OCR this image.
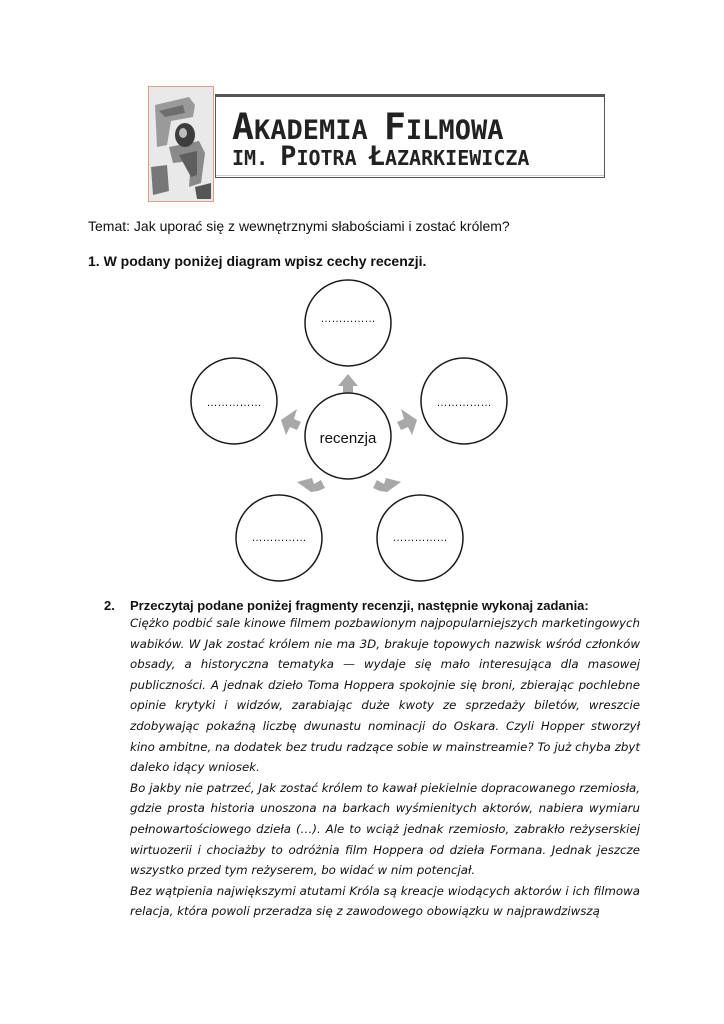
AKADEMIA FILMOWA
IM. PIOTRA ŁAZARKIEWICZA
Temat: Jak uporać się z wewnętrznymi słabościami i zostać królem?
1. W podany poniżej diagram wpisz cechy recenzji.
recenzja
……………
……………	……………
……………	……………
2.	Przeczytaj podane poniżej fragmenty recenzji, następnie wykonaj zadania:

Ciężko podbić sale kinowe filmem pozbawionym najpopularniejszych marketingowych wabików. W Jak zostać królem nie ma 3D, brakuje topowych nazwisk wśród członków obsady, a historyczna tematyka — wydaje się mało interesująca dla masowej publiczności. A jednak dzieło Toma Hoppera spokojnie się broni, zbierając pochlebne opinie krytyki i widzów, zarabiając duże kwoty ze sprzedaży biletów, wreszcie zdobywając pokaźną liczbę dwunastu nominacji do Oskara. Czyli Hopper stworzył kino ambitne, na dodatek bez trudu radzące sobie w mainstreamie? To już chyba zbyt daleko idący wniosek.

Bo jakby nie patrzeć, Jak zostać królem to kawał piekielnie dopracowanego rzemiosła, gdzie prosta historia unoszona na barkach wyśmienitych aktorów, nabiera wymiaru pełnowartościowego dzieła (…). Ale to wciąż jednak rzemiosło, zabrakło reżyserskiej wirtuozerii i chociażby to odróżnia film Hoppera od dzieła Formana. Jednak jeszcze wszystko przed tym reżyserem, bo widać w nim potencjał.

Bez wątpienia największymi atutami Króla są kreacje wiodących aktorów i ich filmowa relacja, która powoli przeradza się z zawodowego obowiązku w najprawdziwszą
